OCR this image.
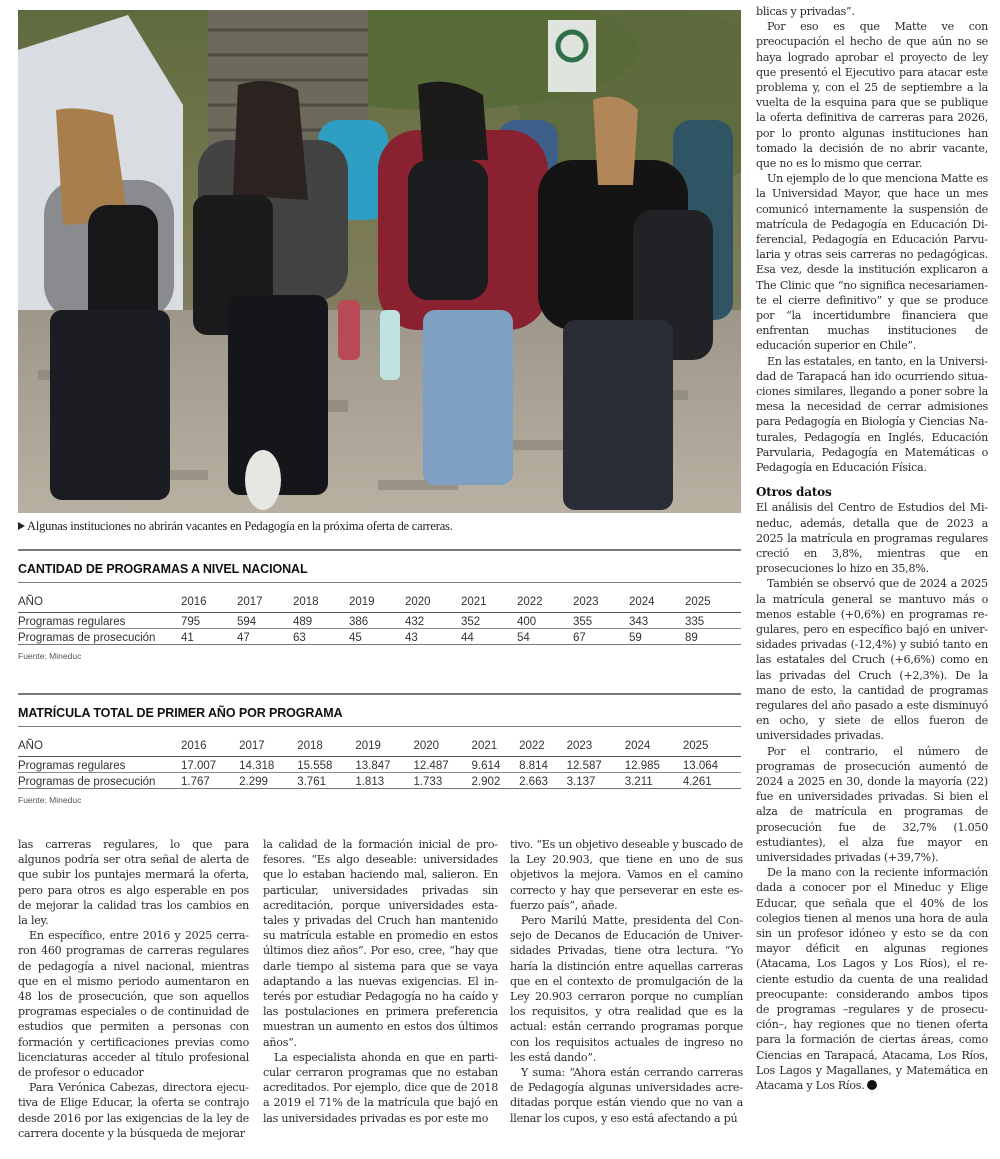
Algunas instituciones no abrirán vacantes en Pedagogía en la próxima oferta de carreras.
CANTIDAD DE PROGRAMAS A NIVEL NACIONAL
AÑO	2016	2017	2018	2019	2020	2021	2022	2023	2024	2025
Programas regulares	795	594	489	386	432	352	400	355	343	335
Programas de prosecución	41	47	63	45	43	44	54	67	59	89
Fuente: Mineduc
MATRÍCULA TOTAL DE PRIMER AÑO POR PROGRAMA
AÑO	2016	2017	2018	2019	2020	2021	2022	2023	2024	2025
Programas regulares	17.007	14.318	15.558	13.847	12.487	9.614	8.814	12.587	12.985	13.064
Programas de prosecución	1.767	2.299	3.761	1.813	1.733	2.902	2.663	3.137	3.211	4.261
Fuente: Mineduc

las carreras regulares, lo que para algunos podría ser otra señal de alerta de que subir los puntajes mermará la oferta, pero para otros es algo esperable en pos de mejorar la calidad tras los cambios en la ley.

En específico, entre 2016 y 2025 cerraron 460 programas de carreras regulares de pedagogía a nivel nacional, mientras que en el mismo periodo aumentaron en 48 los de prosecución, que son aquellos programas especiales o de continuidad de estudios que permiten a personas con formación y certificaciones previas como licenciaturas acceder al título profesional de profesor o educador

Para Verónica Cabezas, directora ejecutiva de Elige Educar, la oferta se contrajo desde 2016 por las exigencias de la ley de carrera docente y la búsqueda de mejorar

la calidad de la formación inicial de profesores. “Es algo deseable: universidades que lo estaban haciendo mal, salieron. En particular, universidades privadas sin acreditación, porque universidades estatales y privadas del Cruch han mantenido su matrícula estable en promedio en estos últimos diez años”. Por eso, cree, “hay que darle tiempo al sistema para que se vaya adaptando a las nuevas exigencias. El interés por estudiar Pedagogía no ha caído y las postulaciones en primera preferencia muestran un aumento en estos dos últimos años”.

La especialista ahonda en que en particular cerraron programas que no estaban acreditados. Por ejemplo, dice que de 2018 a 2019 el 71% de la matrícula que bajó en las universidades privadas es por este mo

tivo. “Es un objetivo deseable y buscado de la Ley 20.903, que tiene en uno de sus objetivos la mejora. Vamos en el camino correcto y hay que perseverar en este esfuerzo país”, añade.

Pero Marilú Matte, presidenta del Consejo de Decanos de Educación de Universidades Privadas, tiene otra lectura. “Yo haría la distinción entre aquellas carreras que en el contexto de promulgación de la Ley 20.903 cerraron porque no cumplían los requisitos, y otra realidad que es la actual: están cerrando programas porque con los requisitos actuales de ingreso no les está dando”.

Y suma: “Ahora están cerrando carreras de Pedagogía algunas universidades acreditadas porque están viendo que no van a llenar los cupos, y eso está afectando a pú

blicas y privadas”.

Por eso es que Matte ve con preocupación el hecho de que aún no se haya logrado aprobar el proyecto de ley que presentó el Ejecutivo para atacar este problema y, con el 25 de septiembre a la vuelta de la esquina para que se publique la oferta definitiva de carreras para 2026, por lo pronto algunas instituciones han tomado la decisión de no abrir vacante, que no es lo mismo que cerrar.

Un ejemplo de lo que menciona Matte es la Universidad Mayor, que hace un mes comunicó internamente la suspensión de matrícula de Pedagogía en Educación Diferencial, Pedagogía en Educación Parvularia y otras seis carreras no pedagógicas. Esa vez, desde la institución explicaron a The Clinic que “no significa necesariamente el cierre definitivo” y que se produce por “la incertidumbre financiera que enfrentan muchas instituciones de educación superior en Chile”.

En las estatales, en tanto, en la Universidad de Tarapacá han ido ocurriendo situaciones similares, llegando a poner sobre la mesa la necesidad de cerrar admisiones para Pedagogía en Biología y Ciencias Naturales, Pedagogía en Inglés, Educación Parvularia, Pedagogía en Matemáticas o Pedagogía en Educación Física.

Otros datos

El análisis del Centro de Estudios del Mineduc, además, detalla que de 2023 a 2025 la matrícula en programas regulares creció en 3,8%, mientras que en prosecuciones lo hizo en 35,8%.

También se observó que de 2024 a 2025 la matrícula general se mantuvo más o menos estable (+0,6%) en programas regulares, pero en específico bajó en universidades privadas (-12,4%) y subió tanto en las estatales del Cruch (+6,6%) como en las privadas del Cruch (+2,3%). De la mano de esto, la cantidad de programas regulares del año pasado a este disminuyó en ocho, y siete de ellos fueron de universidades privadas.

Por el contrario, el número de programas de prosecución aumentó de 2024 a 2025 en 30, donde la mayoría (22) fue en universidades privadas. Si bien el alza de matrícula en programas de prosecución fue de 32,7% (1.050 estudiantes), el alza fue mayor en universidades privadas (+39,7%).

De la mano con la reciente información dada a conocer por el Mineduc y Elige Educar, que señala que el 40% de los colegios tienen al menos una hora de aula sin un profesor idóneo y esto se da con mayor déficit en algunas regiones (Atacama, Los Lagos y Los Ríos), el reciente estudio da cuenta de una realidad preocupante: considerando ambos tipos de programas –regulares y de prosecución–, hay regiones que no tienen oferta para la formación de ciertas áreas, como Ciencias en Tarapacá, Atacama, Los Ríos, Los Lagos y Magallanes, y Matemática en Atacama y Los Ríos.
